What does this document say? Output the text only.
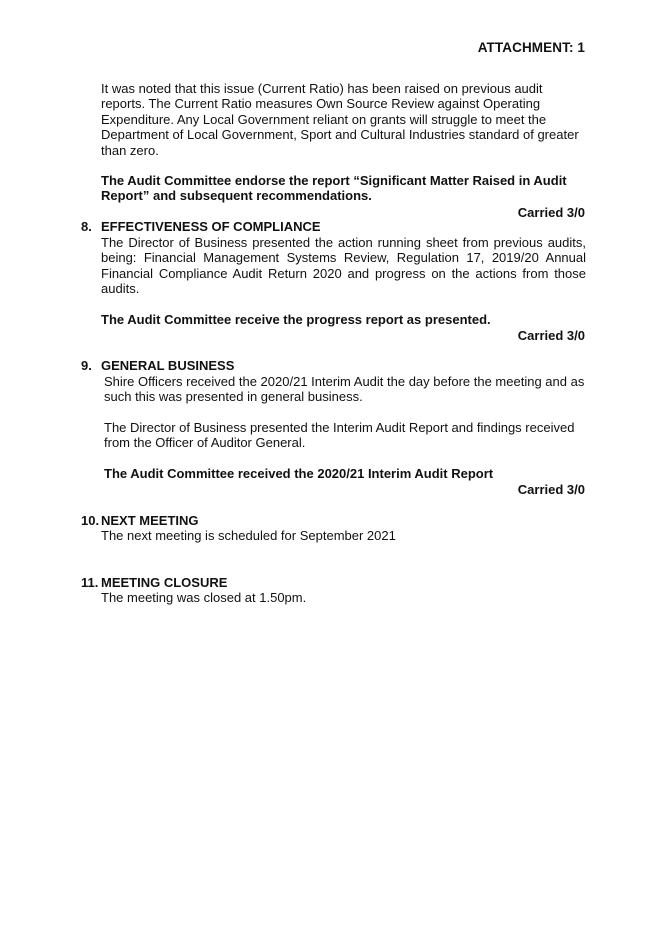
ATTACHMENT: 1

It was noted that this issue (Current Ratio) has been raised on previous audit reports. The Current Ratio measures Own Source Review against Operating Expenditure. Any Local Government reliant on grants will struggle to meet the Department of Local Government, Sport and Cultural Industries standard of greater than zero.

The Audit Committee endorse the report “Significant Matter Raised in Audit Report” and subsequent recommendations.

Carried 3/0
8. EFFECTIVENESS OF COMPLIANCE

The Director of Business presented the action running sheet from previous audits, being: Financial Management Systems Review, Regulation 17, 2019/20 Annual Financial Compliance Audit Return 2020 and progress on the actions from those audits.

The Audit Committee receive the progress report as presented.

Carried 3/0
9. GENERAL BUSINESS

Shire Officers received the 2020/21 Interim Audit the day before the meeting and as such this was presented in general business.

The Director of Business presented the Interim Audit Report and findings received from the Officer of Auditor General.

The Audit Committee received the 2020/21 Interim Audit Report

Carried 3/0
10. NEXT MEETING

The next meeting is scheduled for September 2021

11. MEETING CLOSURE

The meeting was closed at 1.50pm.
